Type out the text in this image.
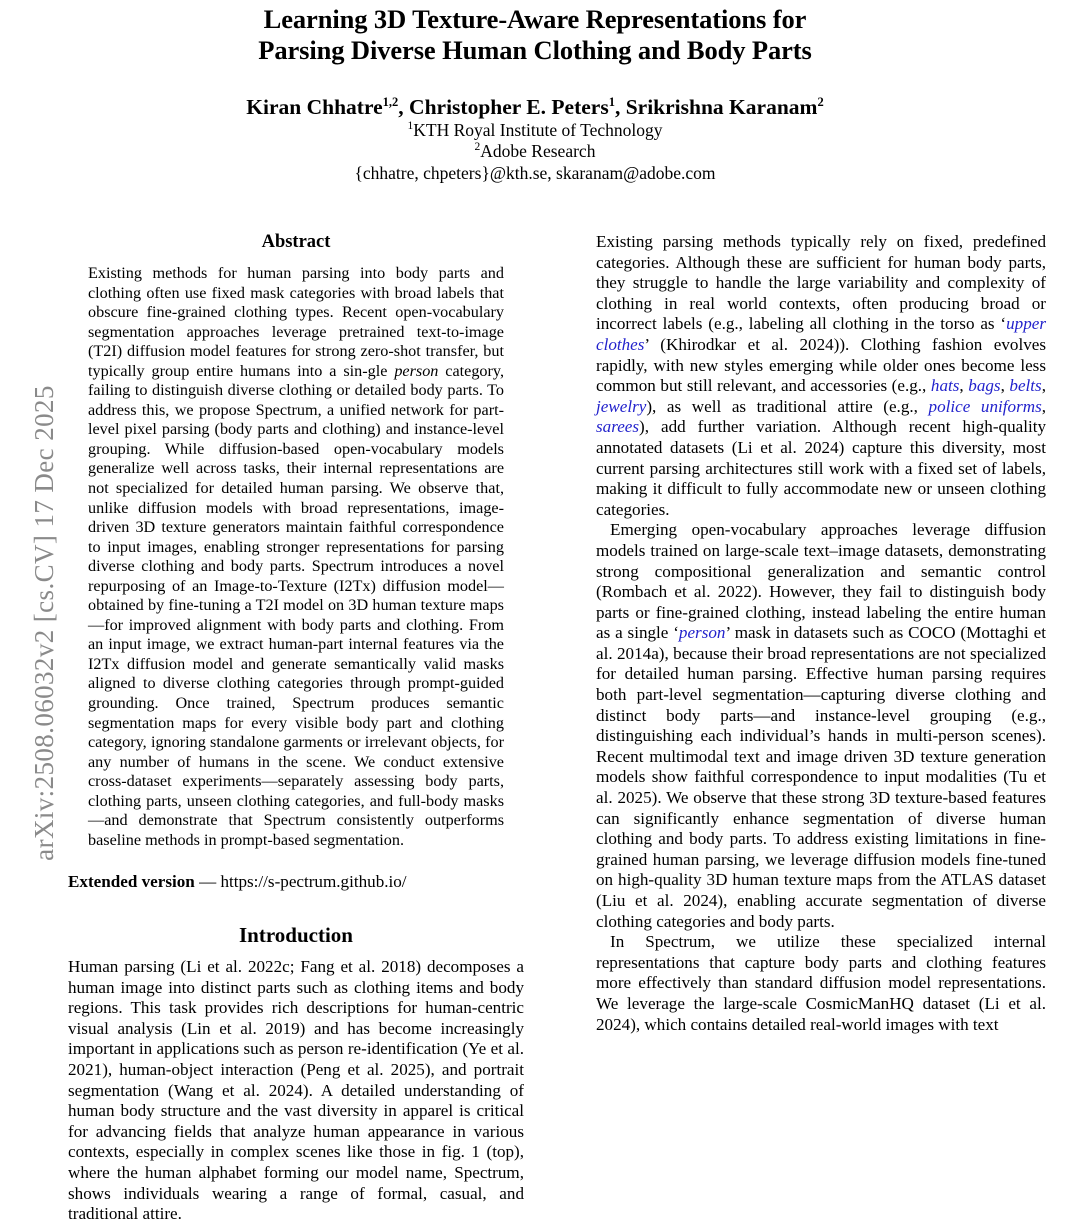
arXiv:2508.06032v2 [cs.CV] 17 Dec 2025
Learning 3D Texture-Aware Representations for
Parsing Diverse Human Clothing and Body Parts
Kiran Chhatre$^{1,2}$, Christopher E. Peters$^1$, Srikrishna Karanam$^2$
$^1$KTH Royal Institute of Technology
$^2$Adobe Research
{chhatre, chpeters}@kth.se, skaranam@adobe.com
Abstract
Existing methods for human parsing into body parts and clothing often use fixed mask categories with broad labels that obscure fine-grained clothing types. Recent open-vocabulary segmentation approaches leverage pretrained text-to-image (T2I) diffusion model features for strong zero-shot transfer, but typically group entire humans into a sin-gle person category, failing to distinguish diverse clothing or detailed body parts. To address this, we propose Spectrum, a unified network for part-level pixel parsing (body parts and clothing) and instance-level grouping. While diffusion-based open-vocabulary models generalize well across tasks, their internal representations are not specialized for detailed human parsing. We observe that, unlike diffusion models with broad representations, image-driven 3D texture generators maintain faithful correspondence to input images, enabling stronger representations for parsing diverse clothing and body parts. Spectrum introduces a novel repurposing of an Image-to-Texture (I2Tx) diffusion model—obtained by fine-tuning a T2I model on 3D human texture maps—for improved alignment with body parts and clothing. From an input image, we extract human-part internal features via the I2Tx diffusion model and generate semantically valid masks aligned to diverse clothing categories through prompt-guided grounding. Once trained, Spectrum produces semantic segmentation maps for every visible body part and clothing category, ignoring standalone garments or irrelevant objects, for any number of humans in the scene. We conduct extensive cross-dataset experiments—separately assessing body parts, clothing parts, unseen clothing categories, and full-body masks—and demonstrate that Spectrum consistently outperforms baseline methods in prompt-based segmentation.
Extended version — https://s-pectrum.github.io/
Introduction

Human parsing (Li et al. 2022c; Fang et al. 2018) decomposes a human image into distinct parts such as clothing items and body regions. This task provides rich descriptions for human-centric visual analysis (Lin et al. 2019) and has become increasingly important in applications such as person re-identification (Ye et al. 2021), human-object interaction (Peng et al. 2025), and portrait segmentation (Wang et al. 2024). A detailed understanding of human body structure and the vast diversity in apparel is critical for advancing fields that analyze human appearance in various contexts, especially in complex scenes like those in fig. 1 (top), where the human alphabet forming our model name, Spectrum, shows individuals wearing a range of formal, casual, and traditional attire.

Existing parsing methods typically rely on fixed, predefined categories. Although these are sufficient for human body parts, they struggle to handle the large variability and complexity of clothing in real world contexts, often producing broad or incorrect labels (e.g., labeling all clothing in the torso as ‘upper clothes’ (Khirodkar et al. 2024)). Clothing fashion evolves rapidly, with new styles emerging while older ones become less common but still relevant, and accessories (e.g., hats, bags, belts, jewelry), as well as traditional attire (e.g., police uniforms, sarees), add further variation. Although recent high-quality annotated datasets (Li et al. 2024) capture this diversity, most current parsing architectures still work with a fixed set of labels, making it difficult to fully accommodate new or unseen clothing categories.

Emerging open-vocabulary approaches leverage diffusion models trained on large-scale text–image datasets, demonstrating strong compositional generalization and semantic control (Rombach et al. 2022). However, they fail to distinguish body parts or fine-grained clothing, instead labeling the entire human as a single ‘person’ mask in datasets such as COCO (Mottaghi et al. 2014a), because their broad representations are not specialized for detailed human parsing. Effective human parsing requires both part-level segmentation—capturing diverse clothing and distinct body parts—and instance-level grouping (e.g., distinguishing each individual’s hands in multi-person scenes). Recent multimodal text and image driven 3D texture generation models show faithful correspondence to input modalities (Tu et al. 2025). We observe that these strong 3D texture-based features can significantly enhance segmentation of diverse human clothing and body parts. To address existing limitations in fine-grained human parsing, we leverage diffusion models fine-tuned on high-quality 3D human texture maps from the ATLAS dataset (Liu et al. 2024), enabling accurate segmentation of diverse clothing categories and body parts.

In Spectrum, we utilize these specialized internal representations that capture body parts and clothing features more effectively than standard diffusion model representations. We leverage the large-scale CosmicManHQ dataset (Li et al. 2024), which contains detailed real-world images with text
